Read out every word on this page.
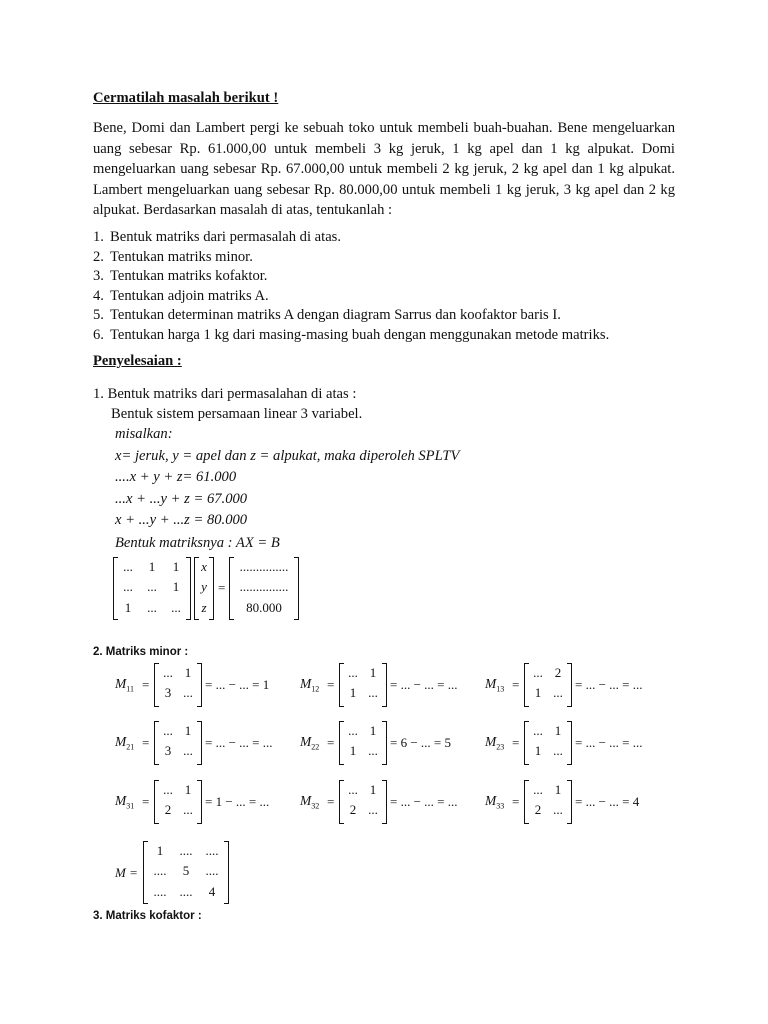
Cermatilah masalah berikut !
Bene, Domi dan Lambert pergi ke sebuah toko untuk membeli buah-buahan. Bene mengeluarkan uang sebesar Rp. 61.000,00 untuk membeli 3 kg jeruk, 1 kg apel dan 1 kg alpukat. Domi mengeluarkan uang sebesar Rp. 67.000,00 untuk membeli 2 kg jeruk, 2 kg apel dan 1 kg alpukat. Lambert mengeluarkan uang sebesar Rp. 80.000,00 untuk membeli 1 kg jeruk, 3 kg apel dan 2 kg alpukat. Berdasarkan masalah di atas, tentukanlah :
1. Bentuk matriks dari permasalah di atas.
2. Tentukan matriks minor.
3. Tentukan matriks kofaktor.
4. Tentukan adjoin matriks A.
5. Tentukan determinan matriks A dengan diagram Sarrus dan koofaktor baris I.
6. Tentukan harga 1 kg dari masing-masing buah dengan menggunakan metode matriks.
Penyelesaian :
1. Bentuk matriks dari permasalahan di atas :
Bentuk sistem persamaan linear 3 variabel.
misalkan:
x= jeruk, y = apel dan z = alpukat, maka diperoleh SPLTV
....x + y + z= 61.000
...x + ...y + z = 67.000
x + ...y + ...z = 80.000
Bentuk matriksnya : AX = B
...	1	1
...	...	1
1	...	...
x
y
z
=
...............
...............
80.000
2. Matriks minor :
$M_{11}$ =
... 1
3 ...
= ... − ... = 1 $M_{12}$ =
... 1
1 ...
= ... − ... = ... $M_{13}$ =
... 2
1 ...
= ... − ... = ...
$M_{21}$ =
... 1
3 ...
= ... − ... = ... $M_{22}$ =
... 1
1 ...
= 6 − ... = 5	$M_{23}$ =
... 1
1 ...
= ... − ... = ...
$M_{31}$ =
... 1
2 ...
= 1 − ... = ... $M_{32}$ =
... 1
2 ...
= ... − ... = ... $M_{33}$ =
... 1
2 ...
= ... − ... = 4
M =
1	....	....
....	5	....
....	....	4
3. Matriks kofaktor :
